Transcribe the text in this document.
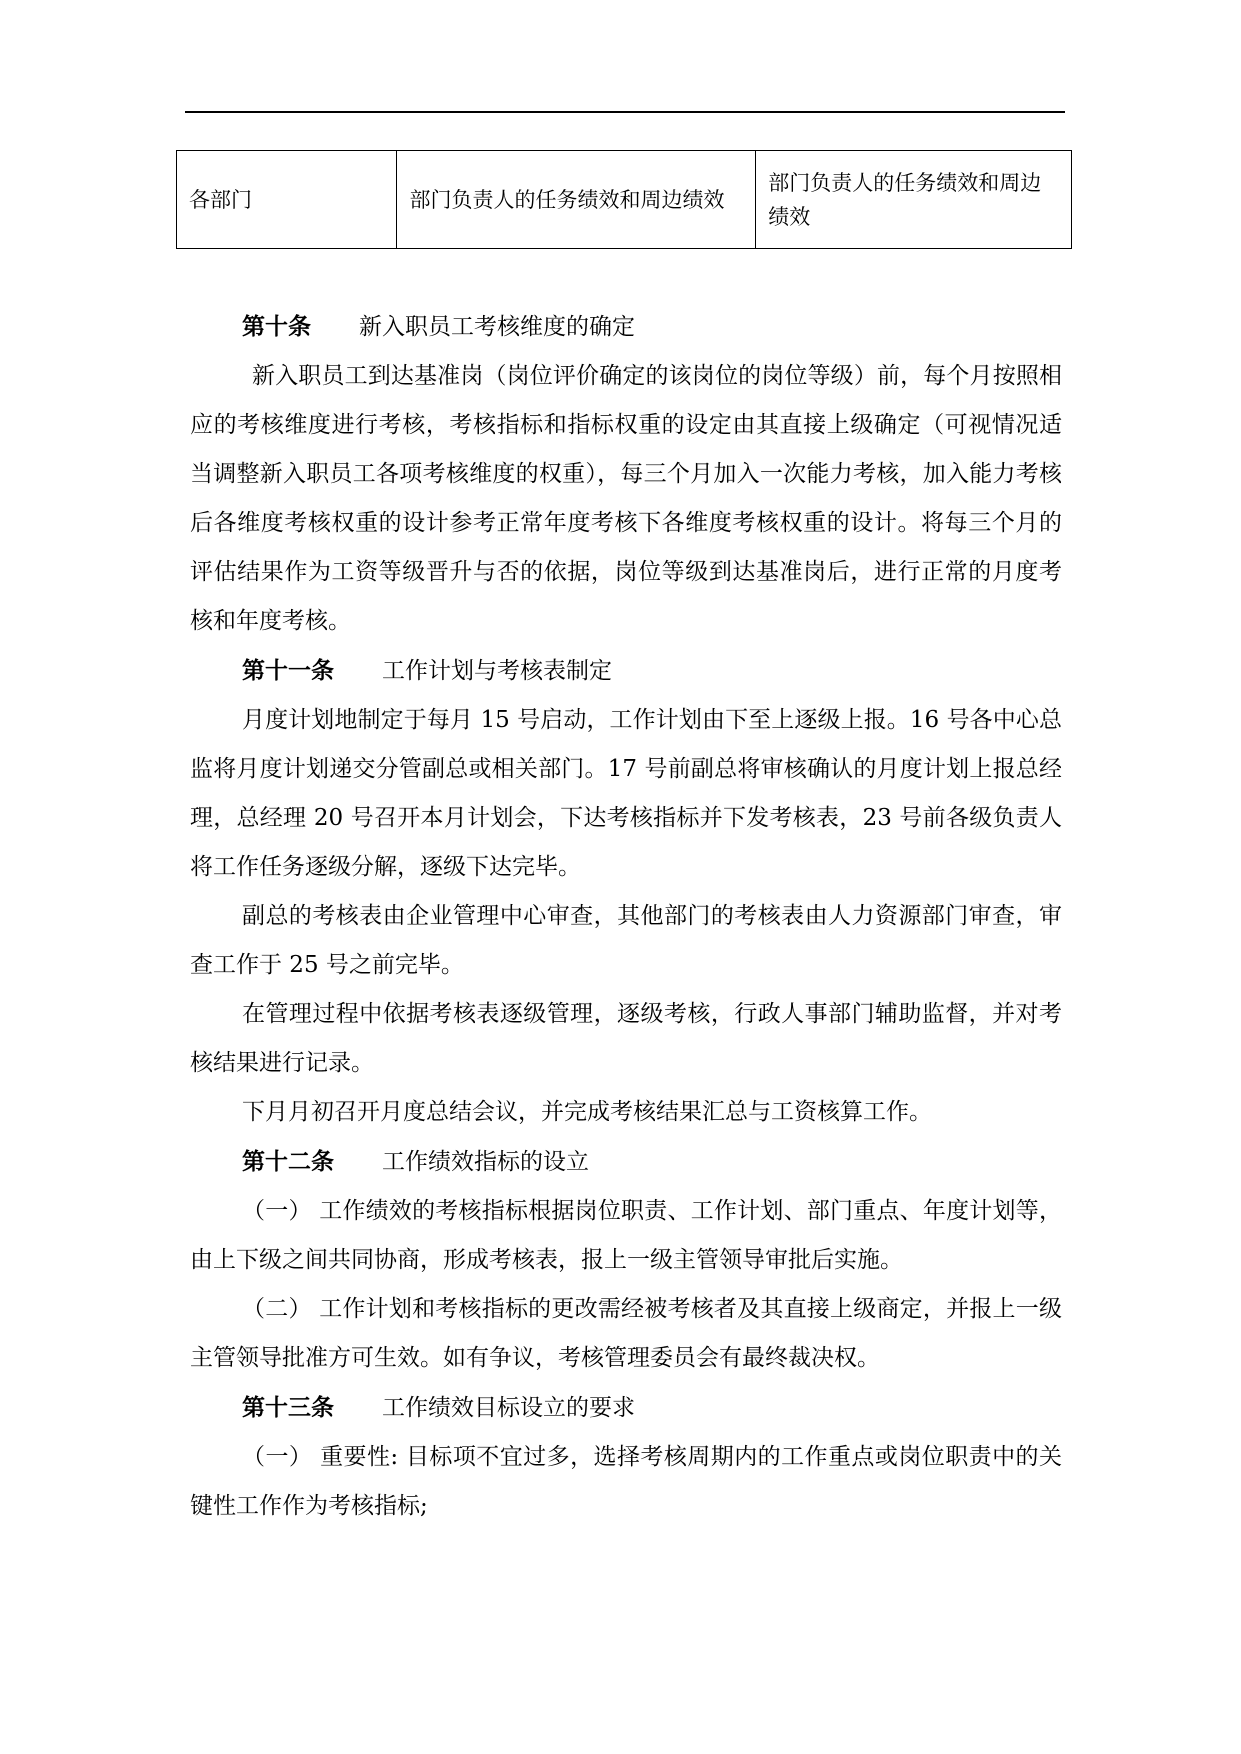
各部门	部门负责人的任务绩效和周边绩效	部门负责人的任务绩效和周边绩效

第十条 新入职员工考核维度的确定

新入职员工到达基准岗（岗位评价确定的该岗位的岗位等级）前，每个月按照相应的考核维度进行考核，考核指标和指标权重的设定由其直接上级确定（可视情况适当调整新入职员工各项考核维度的权重），每三个月加入一次能力考核，加入能力考核后各维度考核权重的设计参考正常年度考核下各维度考核权重的设计。将每三个月的评估结果作为工资等级晋升与否的依据，岗位等级到达基准岗后，进行正常的月度考核和年度考核。

第十一条 工作计划与考核表制定

月度计划地制定于每月 15 号启动，工作计划由下至上逐级上报。16 号各中心总监将月度计划递交分管副总或相关部门。17 号前副总将审核确认的月度计划上报总经理，总经理 20 号召开本月计划会，下达考核指标并下发考核表，23 号前各级负责人将工作任务逐级分解，逐级下达完毕。

副总的考核表由企业管理中心审查，其他部门的考核表由人力资源部门审查，审查工作于 25 号之前完毕。

在管理过程中依据考核表逐级管理，逐级考核，行政人事部门辅助监督，并对考核结果进行记录。

下月月初召开月度总结会议，并完成考核结果汇总与工资核算工作。

第十二条 工作绩效指标的设立

（一） 工作绩效的考核指标根据岗位职责、工作计划、部门重点、年度计划等，由上下级之间共同协商，形成考核表，报上一级主管领导审批后实施。

（二） 工作计划和考核指标的更改需经被考核者及其直接上级商定，并报上一级主管领导批准方可生效。如有争议，考核管理委员会有最终裁决权。

第十三条 工作绩效目标设立的要求

（一） 重要性: 目标项不宜过多，选择考核周期内的工作重点或岗位职责中的关键性工作作为考核指标;
